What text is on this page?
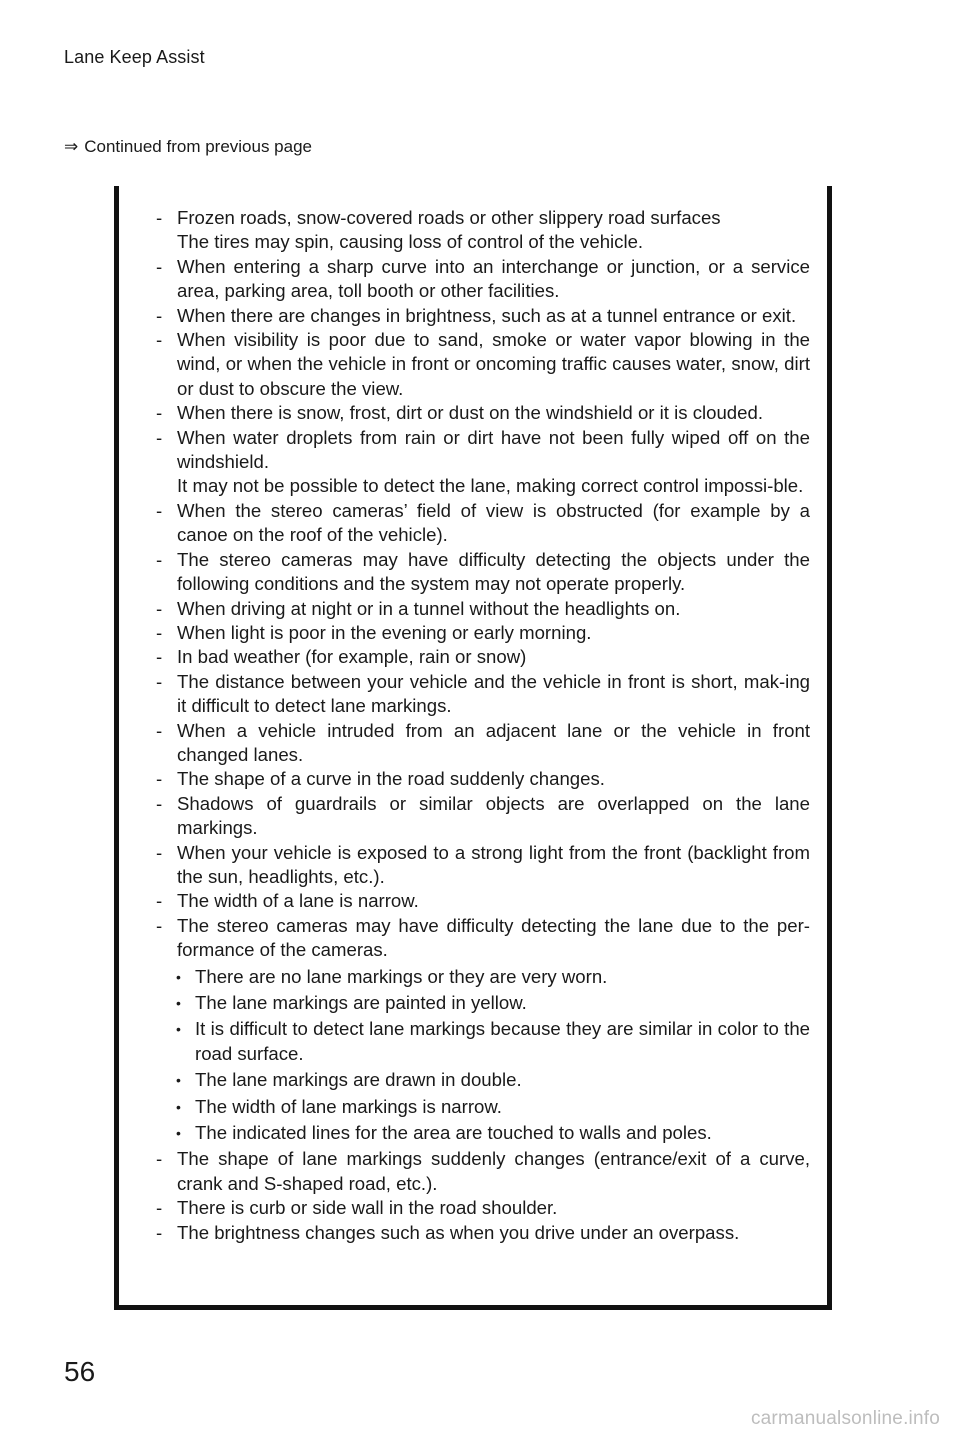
Lane Keep Assist
⇒ Continued from previous page
- Frozen roads, snow-covered roads or other slippery road surfaces
The tires may spin, causing loss of control of the vehicle.
- When entering a sharp curve into an interchange or junction, or a service area, parking area, toll booth or other facilities.
- When there are changes in brightness, such as at a tunnel entrance or exit.
- When visibility is poor due to sand, smoke or water vapor blowing in the wind, or when the vehicle in front or oncoming traffic causes water, snow, dirt or dust to obscure the view.
- When there is snow, frost, dirt or dust on the windshield or it is clouded.
- When water droplets from rain or dirt have not been fully wiped off on the windshield.
It may not be possible to detect the lane, making correct control impossi-ble.
- When the stereo cameras’ field of view is obstructed (for example by a canoe on the roof of the vehicle).
- The stereo cameras may have difficulty detecting the objects under the following conditions and the system may not operate properly.
- When driving at night or in a tunnel without the headlights on.
- When light is poor in the evening or early morning.
- In bad weather (for example, rain or snow)
- The distance between your vehicle and the vehicle in front is short, mak-ing it difficult to detect lane markings.
- When a vehicle intruded from an adjacent lane or the vehicle in front changed lanes.
- The shape of a curve in the road suddenly changes.
- Shadows of guardrails or similar objects are overlapped on the lane markings.
- When your vehicle is exposed to a strong light from the front (backlight from the sun, headlights, etc.).
- The width of a lane is narrow.
- The stereo cameras may have difficulty detecting the lane due to the per-formance of the cameras.
• There are no lane markings or they are very worn.
• The lane markings are painted in yellow.
• It is difficult to detect lane markings because they are similar in color to the road surface.
• The lane markings are drawn in double.
• The width of lane markings is narrow.
• The indicated lines for the area are touched to walls and poles.
- The shape of lane markings suddenly changes (entrance/exit of a curve, crank and S-shaped road, etc.).
- There is curb or side wall in the road shoulder.
- The brightness changes such as when you drive under an overpass.
56
carmanualsonline.info
